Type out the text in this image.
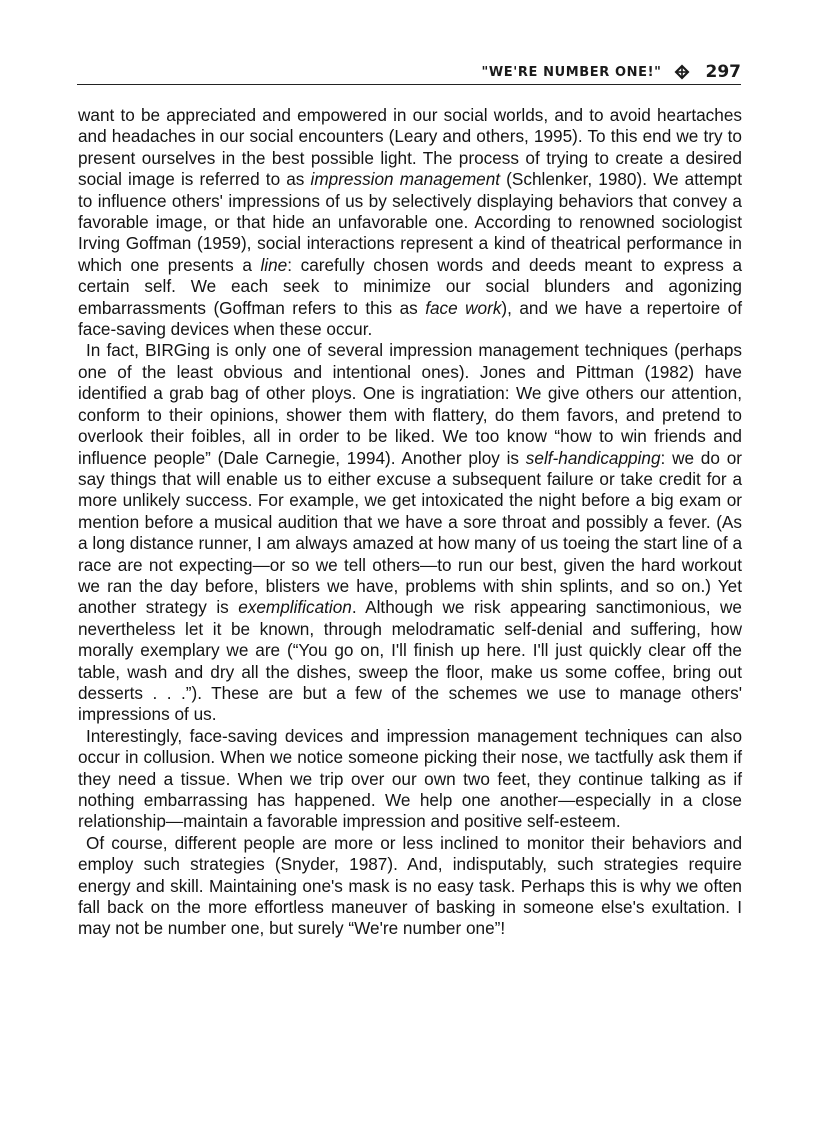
"WE'RE NUMBER ONE!"	297

want to be appreciated and empowered in our social worlds, and to avoid heartaches and headaches in our social encounters (Leary and others, 1995). To this end we try to present ourselves in the best possible light. The process of trying to create a desired social image is referred to as impression management (Schlenker, 1980). We attempt to influence others' impressions of us by selectively displaying behaviors that convey a favorable image, or that hide an unfavorable one. According to renowned sociologist Irving Goffman (1959), social interactions represent a kind of theatrical performance in which one presents a line: carefully chosen words and deeds meant to express a certain self. We each seek to minimize our social blunders and agonizing embarrassments (Goffman refers to this as face work), and we have a repertoire of face-saving devices when these occur.

In fact, BIRGing is only one of several impression management techniques (perhaps one of the least obvious and intentional ones). Jones and Pittman (1982) have identified a grab bag of other ploys. One is ingratiation: We give others our attention, conform to their opinions, shower them with flattery, do them favors, and pretend to overlook their foibles, all in order to be liked. We too know “how to win friends and influence people” (Dale Carnegie, 1994). Another ploy is self-handicapping: we do or say things that will enable us to either excuse a subsequent failure or take credit for a more unlikely success. For example, we get intoxicated the night before a big exam or mention before a musical audition that we have a sore throat and possibly a fever. (As a long distance runner, I am always amazed at how many of us toeing the start line of a race are not expecting—or so we tell others—to run our best, given the hard workout we ran the day before, blisters we have, problems with shin splints, and so on.) Yet another strategy is exemplification. Although we risk appearing sanctimonious, we nevertheless let it be known, through melodramatic self-denial and suffering, how morally exemplary we are (“You go on, I'll finish up here. I'll just quickly clear off the table, wash and dry all the dishes, sweep the floor, make us some coffee, bring out desserts . . .”). These are but a few of the schemes we use to manage others' impressions of us.

Interestingly, face-saving devices and impression management techniques can also occur in collusion. When we notice someone picking their nose, we tactfully ask them if they need a tissue. When we trip over our own two feet, they continue talking as if nothing embarrassing has happened. We help one another—especially in a close relationship—maintain a favorable impression and positive self-esteem.

Of course, different people are more or less inclined to monitor their behaviors and employ such strategies (Snyder, 1987). And, indisputably, such strategies require energy and skill. Maintaining one's mask is no easy task. Perhaps this is why we often fall back on the more effortless maneuver of basking in someone else's exultation. I may not be number one, but surely “We're number one”!
